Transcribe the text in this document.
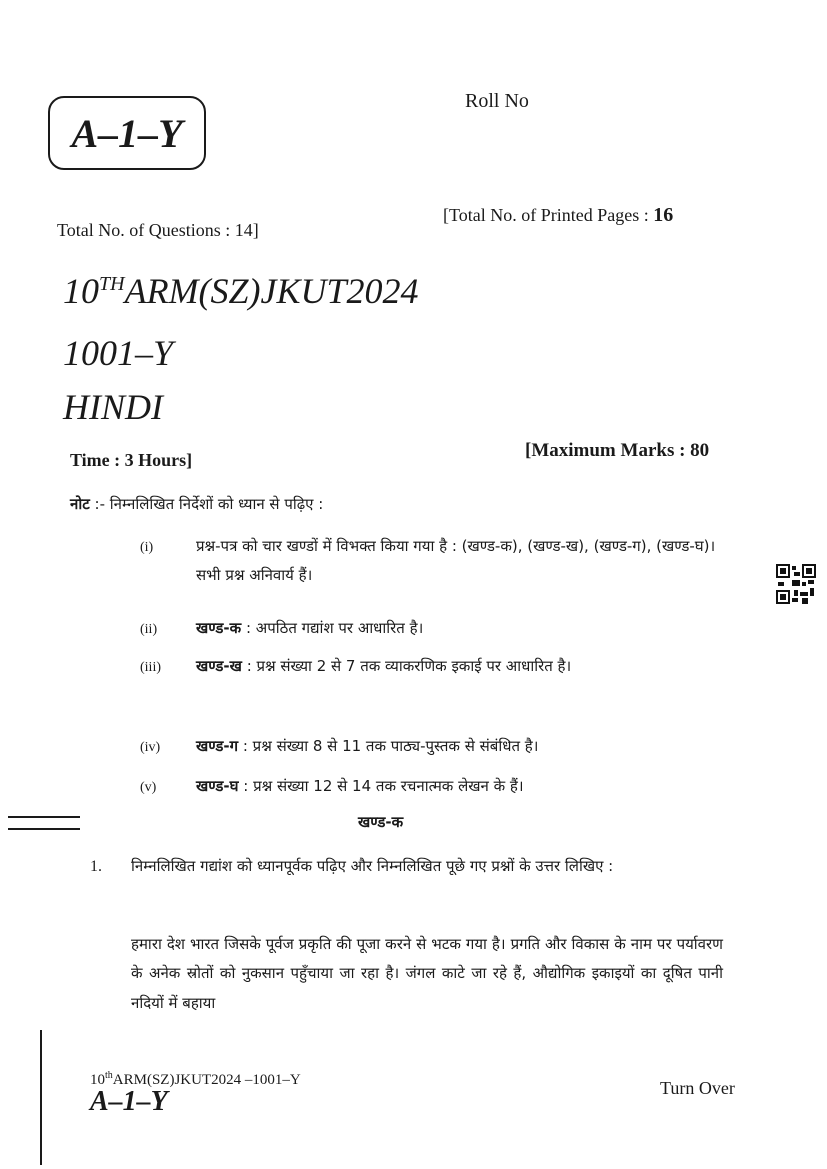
A–1–Y
Roll No
Total No. of Questions : 14]
[Total No. of Printed Pages : 16
10THARM(SZ)JKUT2024
1001–Y
HINDI
Time : 3 Hours]	[Maximum Marks : 80
नोट :- निम्नलिखित निर्देशों को ध्यान से पढ़िए :
(i)	प्रश्न-पत्र को चार खण्डों में विभक्त किया गया है : (खण्ड-क), (खण्ड-ख), (खण्ड-ग), (खण्ड-घ)। सभी प्रश्न अनिवार्य हैं।
(ii)	खण्ड-क : अपठित गद्यांश पर आधारित है।
(iii) खण्ड-ख : प्रश्न संख्या 2 से 7 तक व्याकरणिक इकाई पर आधारित है।
(iv) खण्ड-ग : प्रश्न संख्या 8 से 11 तक पाठ्य-पुस्तक से संबंधित है।
(v)	खण्ड-घ : प्रश्न संख्या 12 से 14 तक रचनात्मक लेखन के हैं।
खण्ड-क
1. निम्नलिखित गद्यांश को ध्यानपूर्वक पढ़िए और निम्नलिखित पूछे गए प्रश्नों के उत्तर लिखिए :
हमारा देश भारत जिसके पूर्वज प्रकृति की पूजा करने से भटक गया है। प्रगति और विकास के नाम पर पर्यावरण के अनेक स्रोतों को नुकसान पहुँचाया जा रहा है। जंगल काटे जा रहे हैं, औद्योगिक इकाइयों का दूषित पानी नदियों में बहाया
10thARM(SZ)JKUT2024 –1001–Y
A–1–Y	Turn Over
